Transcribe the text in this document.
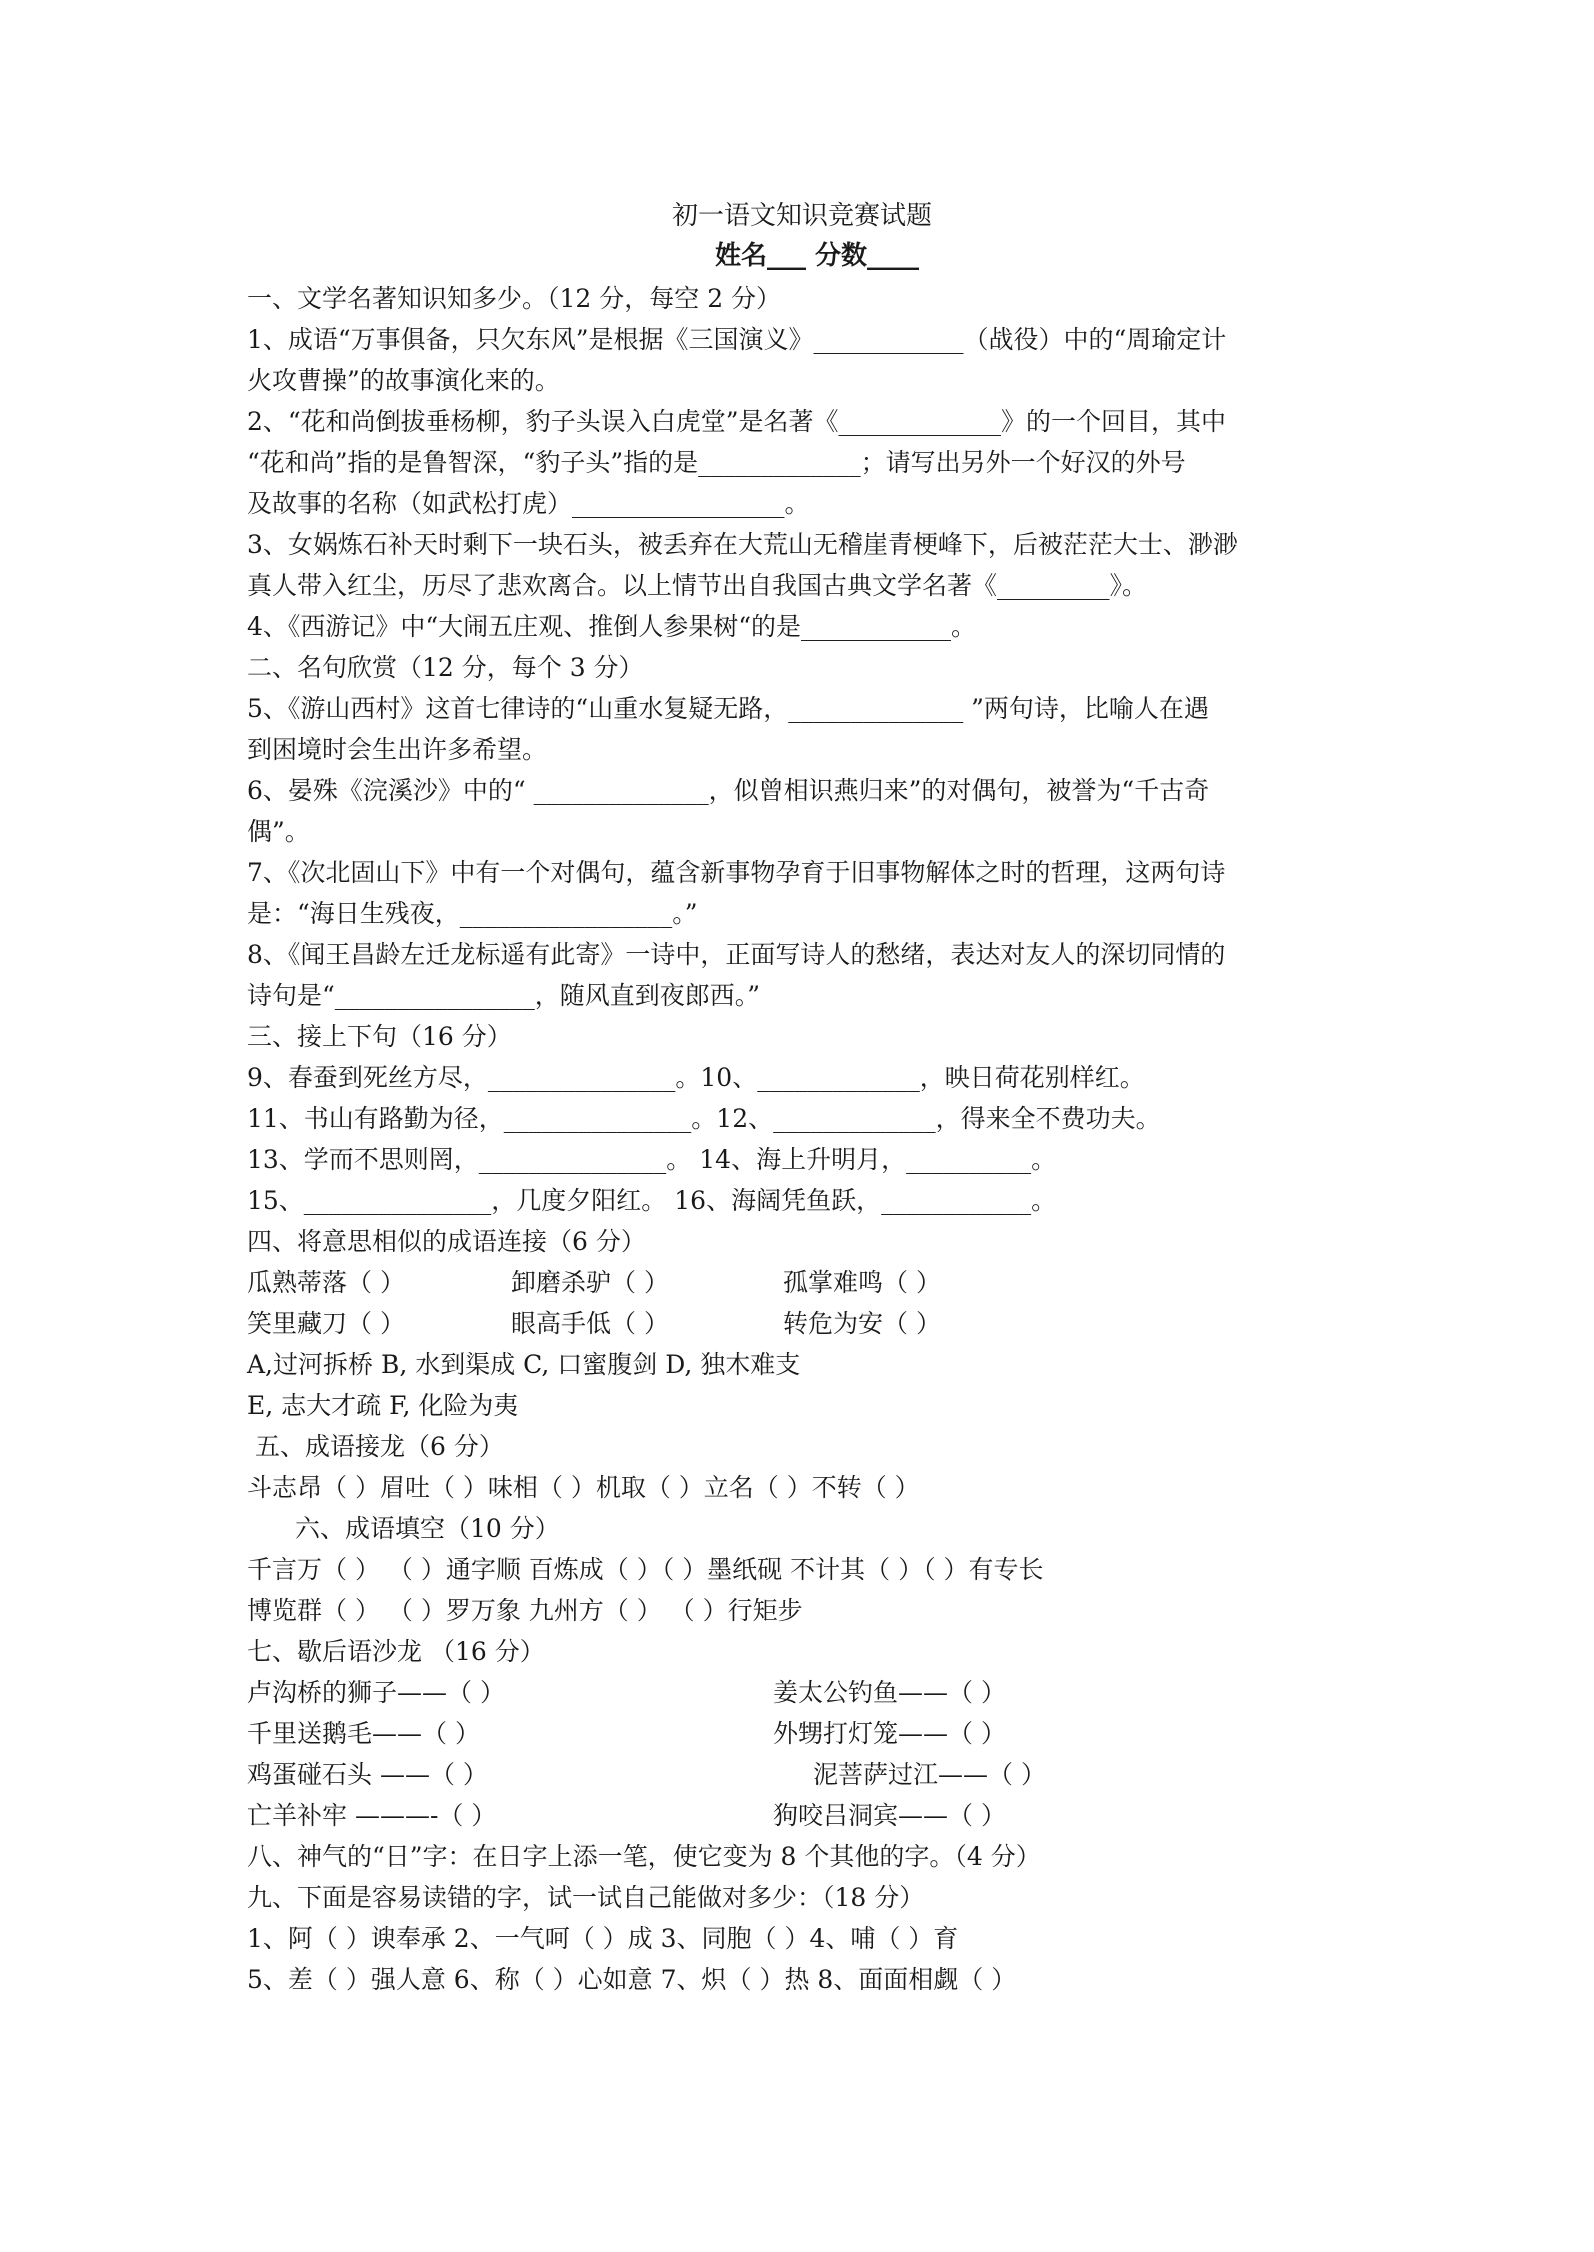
初一语文知识竞赛试题
姓名___ 分数____
一、文学名著知识知多少。（12 分，每空 2 分）
1、成语“万事俱备，只欠东风”是根据《三国演义》____________（战役）中的“周瑜定计
火攻曹操”的故事演化来的。
2、“花和尚倒拔垂杨柳，豹子头误入白虎堂”是名著《_____________》的一个回目，其中
“花和尚”指的是鲁智深，“豹子头”指的是_____________；请写出另外一个好汉的外号
及故事的名称（如武松打虎）_________________。
3、女娲炼石补天时剩下一块石头，被丢弃在大荒山无稽崖青梗峰下，后被茫茫大士、渺渺
真人带入红尘，历尽了悲欢离合。以上情节出自我国古典文学名著《_________》。
4、《西游记》中“大闹五庄观、推倒人参果树“的是____________。
二、名句欣赏（12 分，每个 3 分）
5、《游山西村》这首七律诗的“山重水复疑无路，______________ ”两句诗，比喻人在遇
到困境时会生出许多希望。
6、晏殊《浣溪沙》中的“ ______________，似曾相识燕归来”的对偶句，被誉为“千古奇
偶”。
7、《次北固山下》中有一个对偶句，蕴含新事物孕育于旧事物解体之时的哲理，这两句诗
是：“海日生残夜，_________________。”
8、《闻王昌龄左迁龙标遥有此寄》一诗中，正面写诗人的愁绪，表达对友人的深切同情的
诗句是“________________，随风直到夜郎西。”
三、接上下句（16 分）
9、春蚕到死丝方尽，_______________。10、_____________，映日荷花别样红。
11、书山有路勤为径，_______________。12、_____________，得来全不费功夫。
13、学而不思则罔，_______________。 14、海上升明月，__________。
15、_______________，几度夕阳红。 16、海阔凭鱼跃，____________。
四、将意思相似的成语连接（6 分）
瓜熟蒂落（ ）	卸磨杀驴（ ）	孤掌难鸣（ ）
笑里藏刀（ ）	眼高手低（ ）	转危为安（ ）
A,过河拆桥 B, 水到渠成 C, 口蜜腹剑 D, 独木难支
E, 志大才疏 F, 化险为夷
五、成语接龙（6 分）
斗志昂（ ）眉吐（ ）味相（ ）机取（ ）立名（ ）不转（ ）
六、成语填空（10 分）
千言万（ ） （ ）通字顺 百炼成（ ）（ ）墨纸砚 不计其（ ）（ ）有专长
博览群（ ） （ ）罗万象 九州方（ ） （ ）行矩步
七、歇后语沙龙 （16 分）
卢沟桥的狮子——（ ）	姜太公钓鱼——（ ）
千里送鹅毛——（ ）	外甥打灯笼——（ ）
鸡蛋碰石头 ——（ ）	泥菩萨过江——（ ）
亡羊补牢 ———-（ ）	狗咬吕洞宾——（ ）
八、神气的“日”字：在日字上添一笔，使它变为 8 个其他的字。（4 分）
九、下面是容易读错的字，试一试自己能做对多少：（18 分）
1、阿（ ）谀奉承 2、一气呵（ ）成 3、同胞（ ）4、哺（ ）育
5、差（ ）强人意 6、称（ ）心如意 7、炽（ ）热 8、面面相觑（ ）
